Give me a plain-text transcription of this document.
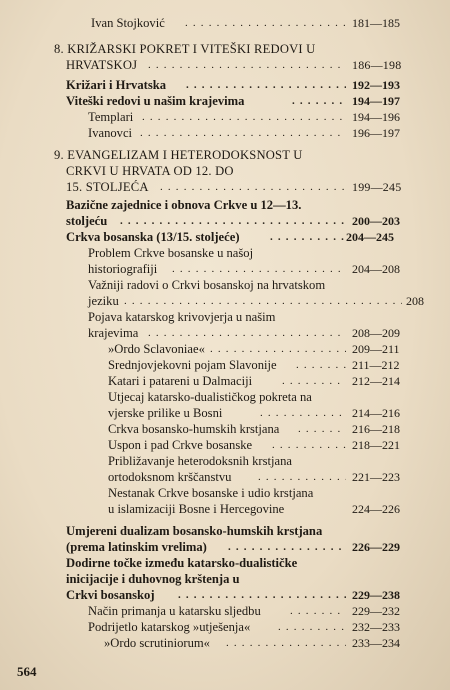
Ivan Stojković . . .	181—185
8. KRIŽARSKI POKRET I VITEŠKI REDOVI U
HRVATSKOJ . . .	186—198
Križari i Hrvatska . . .	192—193
Viteški redovi u našim krajevima . . .	194—197
Templari . . .	194—196
Ivanovci . . .	196—197
9. EVANGELIZAM I HETERODOKSNOST U
CRKVI U HRVATA OD 12. DO
15. STOLJEĆA . . .	199—245
Bazične zajednice i obnova Crkve u 12—13.
stoljeću . . .	200—203
Crkva bosanska (13/15. stoljeće) . . .	204—245
Problem Crkve bosanske u našoj
historiografiji . . .	204—208
Važniji radovi o Crkvi bosanskoj na hrvatskom
jeziku . . .	208
Pojava katarskog krivovjerja u našim
krajevima . . .	208—209
»Ordo Sclavoniae« . . .	209—211
Srednjovjekovni pojam Slavonije . . .	211—212
Katari i patareni u Dalmaciji . . .	212—214
Utjecaj katarsko-dualističkog pokreta na
vjerske prilike u Bosni . . .	214—216
Crkva bosansko-humskih krstjana . . .	216—218
Uspon i pad Crkve bosanske . . .	218—221
Približavanje heterodoksnih krstjana
ortodoksnom krščanstvu . . .	221—223
Nestanak Crkve bosanske i udio krstjana
u islamizaciji Bosne i Hercegovine	224—226
Umjereni dualizam bosansko-humskih krstjana
(prema latinskim vrelima) . . .	226—229
Dodirne točke između katarsko-dualističke
inicijacije i duhovnog krštenja u
Crkvi bosanskoj . . .	229—238
Način primanja u katarsku sljedbu . . .	229—232
Podrijetlo katarskog »utješenja« . . .	232—233
»Ordo scrutiniorum« . . .	233—234
564
